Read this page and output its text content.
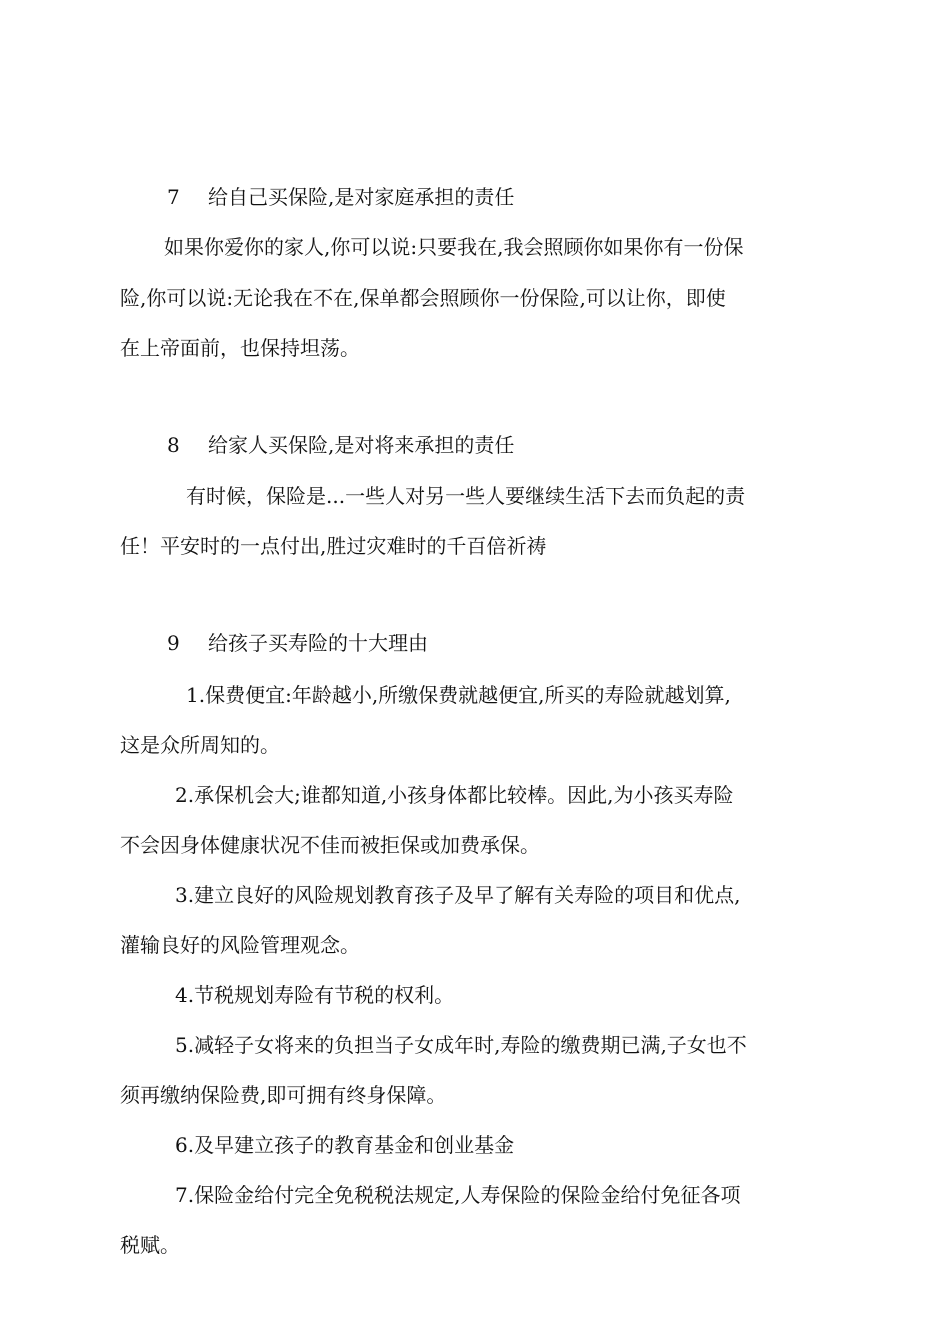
7 给自己买保险,是对家庭承担的责任
如果你爱你的家人,你可以说:只要我在,我会照顾你如果你有一份保
险,你可以说:无论我在不在,保单都会照顾你一份保险,可以让你，即使
在上帝面前，也保持坦荡。
8 给家人买保险,是对将来承担的责任
有时候，保险是...一些人对另一些人要继续生活下去而负起的责
任！平安时的一点付出,胜过灾难时的千百倍祈祷
9 给孩子买寿险的十大理由
1.保费便宜:年龄越小,所缴保费就越便宜,所买的寿险就越划算,
这是众所周知的。
2.承保机会大;谁都知道,小孩身体都比较棒。因此,为小孩买寿险
不会因身体健康状况不佳而被拒保或加费承保。
3.建立良好的风险规划教育孩子及早了解有关寿险的项目和优点,
灌输良好的风险管理观念。
4.节税规划寿险有节税的权利。
5.减轻子女将来的负担当子女成年时,寿险的缴费期已满,子女也不
须再缴纳保险费,即可拥有终身保障。
6.及早建立孩子的教育基金和创业基金
7.保险金给付完全免税税法规定,人寿保险的保险金给付免征各项
税赋。
